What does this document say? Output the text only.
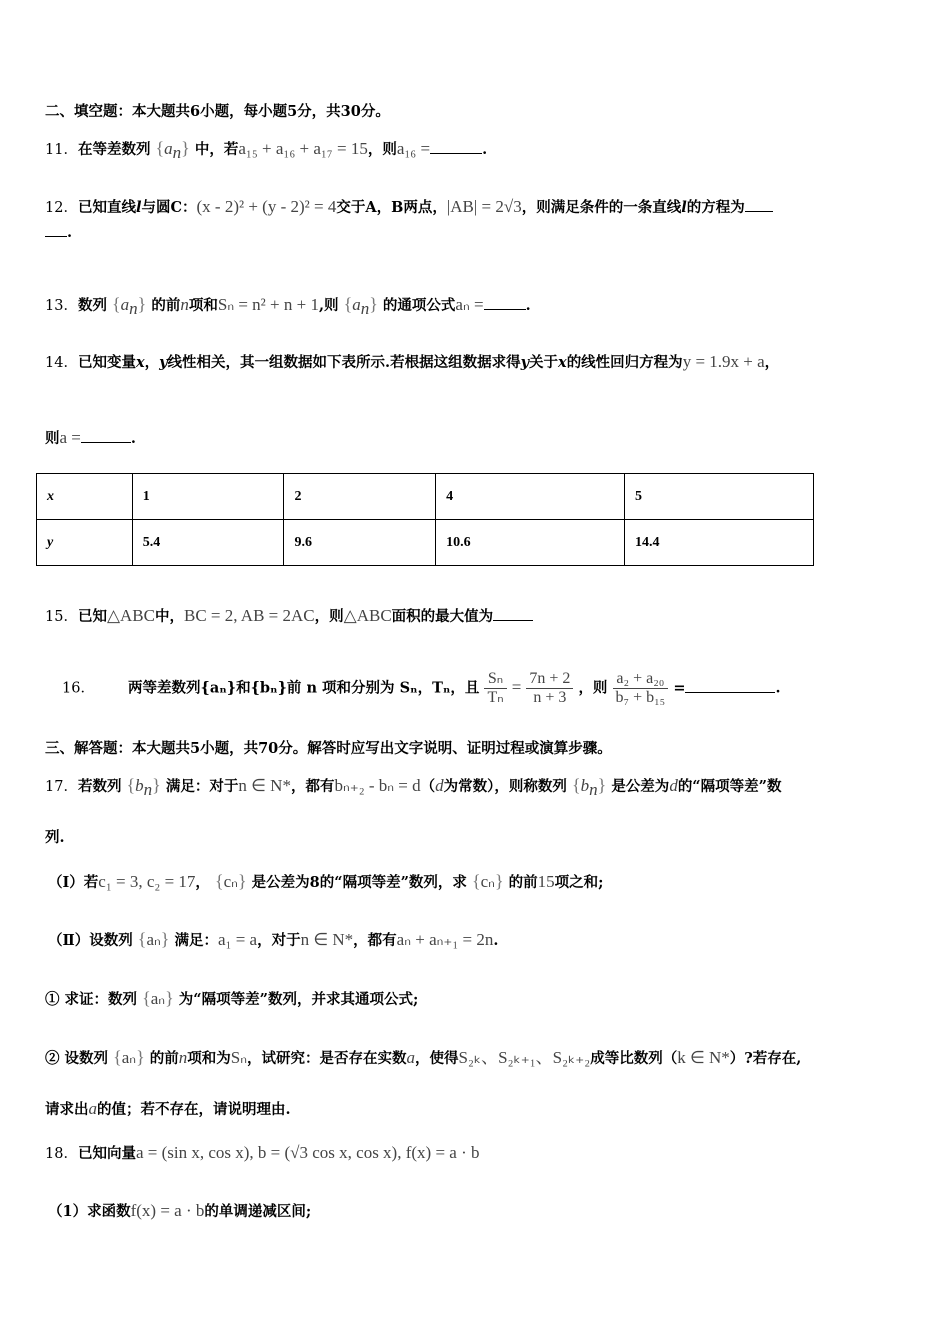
二、填空题：本大题共6小题，每小题5分，共30分。
11．在等差数列 $\{a_n\}$ 中，若a₁₅ + a₁₆ + a₁₇ = 15，则a₁₆ =	.
12．已知直线l与圆C：(x - 2)² + (y - 2)² = 4交于A，B两点，|AB| = 2√3，则满足条件的一条直线l的方程为
.
13．数列 $\{a_n\}$ 的前n项和Sₙ = n² + n + 1,则 $\{a_n\}$ 的通项公式aₙ =	.
14．已知变量x，y线性相关，其一组数据如下表所示.若根据这组数据求得y关于x的线性回归方程为y = 1.9x + a，
则a =	.
x	1	2	4	5
y	5.4	9.6	10.6	14.4
15．已知△ABC中，BC = 2, AB = 2AC，则△ABC面积的最大值为
16． 两等差数列{aₙ}和{bₙ}前 n 项和分别为 Sₙ，Tₙ，且 $\frac{\text{Sₙ}}{\text{Tₙ}} = \frac{7n + 2}{n + 3}$ ，则 $\frac{\text{a₂ + a₂₀}}{\text{b₇ + b₁₅}}$ =	.
三、解答题：本大题共5小题，共70分。解答时应写出文字说明、证明过程或演算步骤。
17．若数列 $\{b_n\}$ 满足：对于n ∈ N*，都有bₙ₊₂ - bₙ = d（d为常数），则称数列 $\{b_n\}$ 是公差为d的“隔项等差”数
列.
（Ⅰ）若c₁ = 3, c₂ = 17， {cₙ} 是公差为8的“隔项等差”数列，求 {cₙ} 的前15项之和;
（Ⅱ）设数列 {aₙ} 满足：a₁ = a，对于n ∈ N*，都有aₙ + aₙ₊₁ = 2n.
① 求证：数列 {aₙ} 为“隔项等差”数列，并求其通项公式;
② 设数列 {aₙ} 的前n项和为Sₙ，试研究：是否存在实数a，使得S₂ₖ、S₂ₖ₊₁、S₂ₖ₊₂成等比数列（k ∈ N*）?若存在,
请求出a的值；若不存在，请说明理由.
18．已知向量a = (sin x, cos x), b = (√3 cos x, cos x), f(x) = a · b
（1）求函数f(x) = a · b的单调递减区间;
